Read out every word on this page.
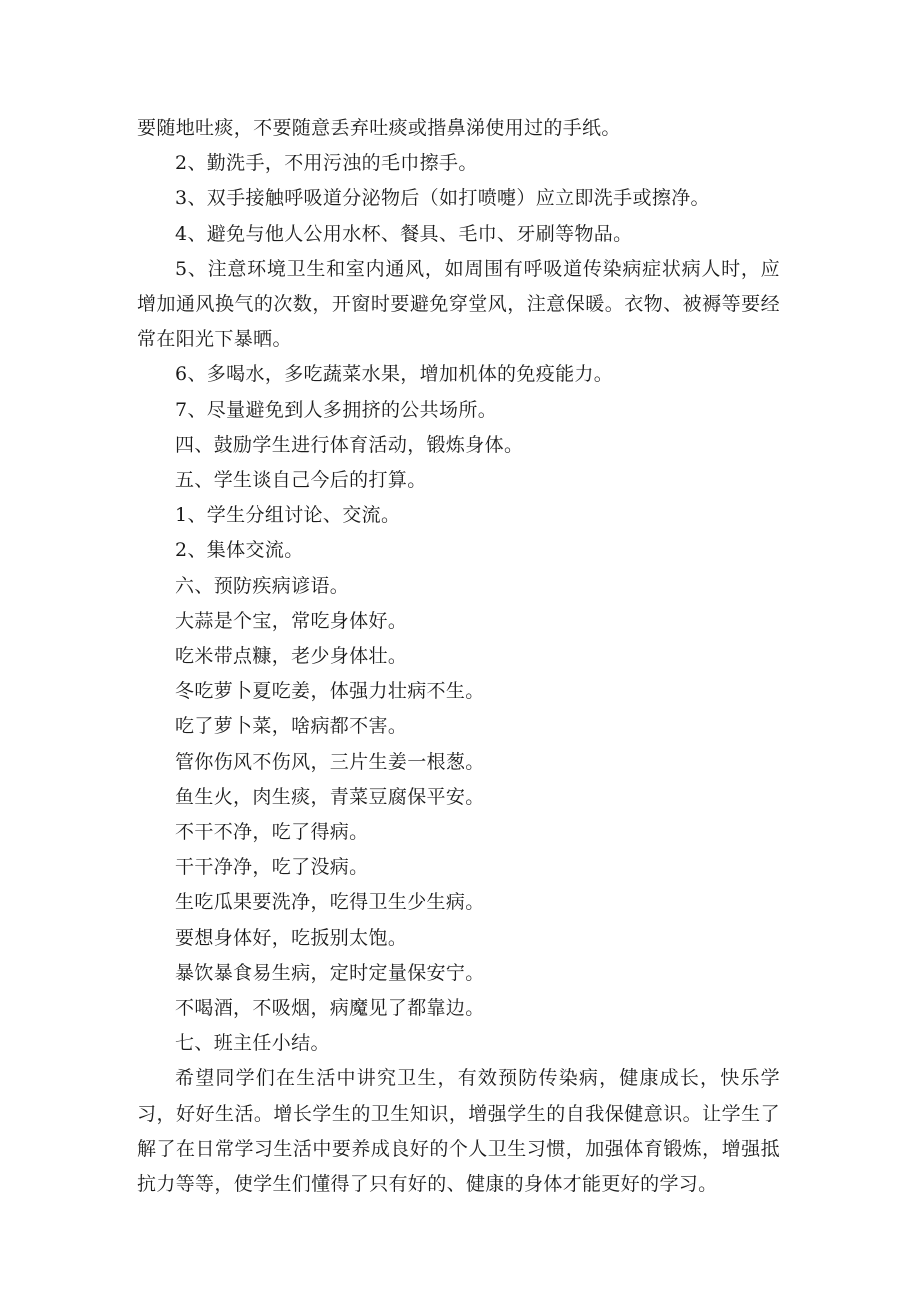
要随地吐痰，不要随意丢弃吐痰或揩鼻涕使用过的手纸。

2、勤洗手，不用污浊的毛巾擦手。

3、双手接触呼吸道分泌物后（如打喷嚏）应立即洗手或擦净。

4、避免与他人公用水杯、餐具、毛巾、牙刷等物品。

5、注意环境卫生和室内通风，如周围有呼吸道传染病症状病人时，应增加通风换气的次数，开窗时要避免穿堂风，注意保暖。衣物、被褥等要经常在阳光下暴晒。

6、多喝水，多吃蔬菜水果，增加机体的免疫能力。

7、尽量避免到人多拥挤的公共场所。

四、鼓励学生进行体育活动，锻炼身体。

五、学生谈自己今后的打算。

1、学生分组讨论、交流。

2、集体交流。

六、预防疾病谚语。

大蒜是个宝，常吃身体好。

吃米带点糠，老少身体壮。

冬吃萝卜夏吃姜，体强力壮病不生。

吃了萝卜菜，啥病都不害。

管你伤风不伤风，三片生姜一根葱。

鱼生火，肉生痰，青菜豆腐保平安。

不干不净，吃了得病。

干干净净，吃了没病。

生吃瓜果要洗净，吃得卫生少生病。

要想身体好，吃扳别太饱。

暴饮暴食易生病，定时定量保安宁。

不喝酒，不吸烟，病魔见了都靠边。

七、班主任小结。

希望同学们在生活中讲究卫生，有效预防传染病，健康成长，快乐学习，好好生活。增长学生的卫生知识，增强学生的自我保健意识。让学生了解了在日常学习生活中要养成良好的个人卫生习惯，加强体育锻炼，增强抵抗力等等，使学生们懂得了只有好的、健康的身体才能更好的学习。
